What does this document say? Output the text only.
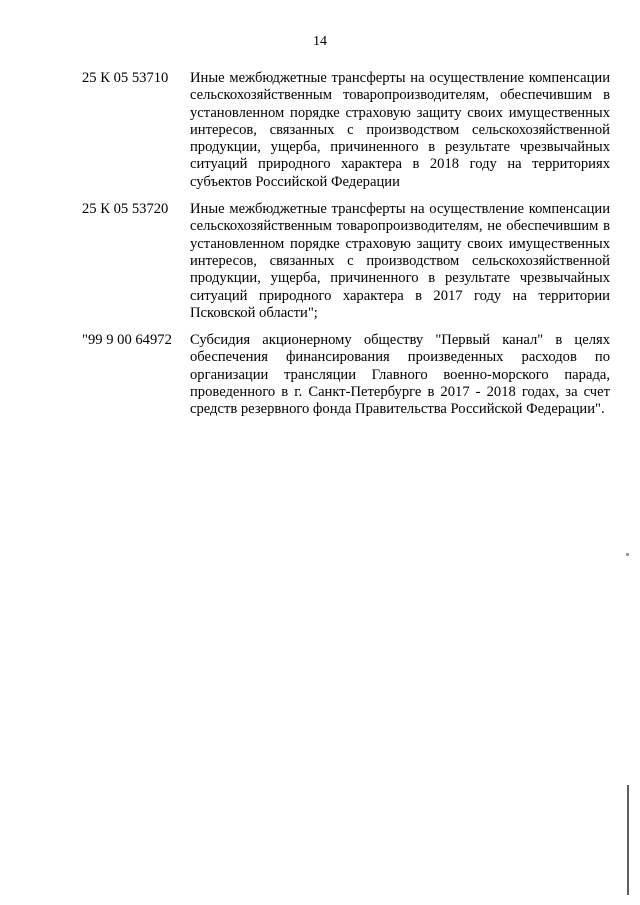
14
25 К 05 53710	Иные межбюджетные трансферты на осуществление компенсации сельскохозяйственным товаропроизводителям, обеспечившим в установленном порядке страховую защиту своих имущественных интересов, связанных с производством сельскохозяйственной продукции, ущерба, причиненного в результате чрезвычайных ситуаций природного характера в 2018 году на территориях субъектов Российской Федерации
25 К 05 53720	Иные межбюджетные трансферты на осуществление компенсации сельскохозяйственным товаропроизводителям, не обеспечившим в установленном порядке страховую защиту своих имущественных интересов, связанных с производством сельскохозяйственной продукции, ущерба, причиненного в результате чрезвычайных ситуаций природного характера в 2017 году на территории Псковской области";
"99 9 00 64972	Субсидия акционерному обществу "Первый канал" в целях обеспечения финансирования произведенных расходов по организации трансляции Главного военно-морского парада, проведенного в г. Санкт-Петербурге в 2017 - 2018 годах, за счет средств резервного фонда Правительства Российской Федерации".
